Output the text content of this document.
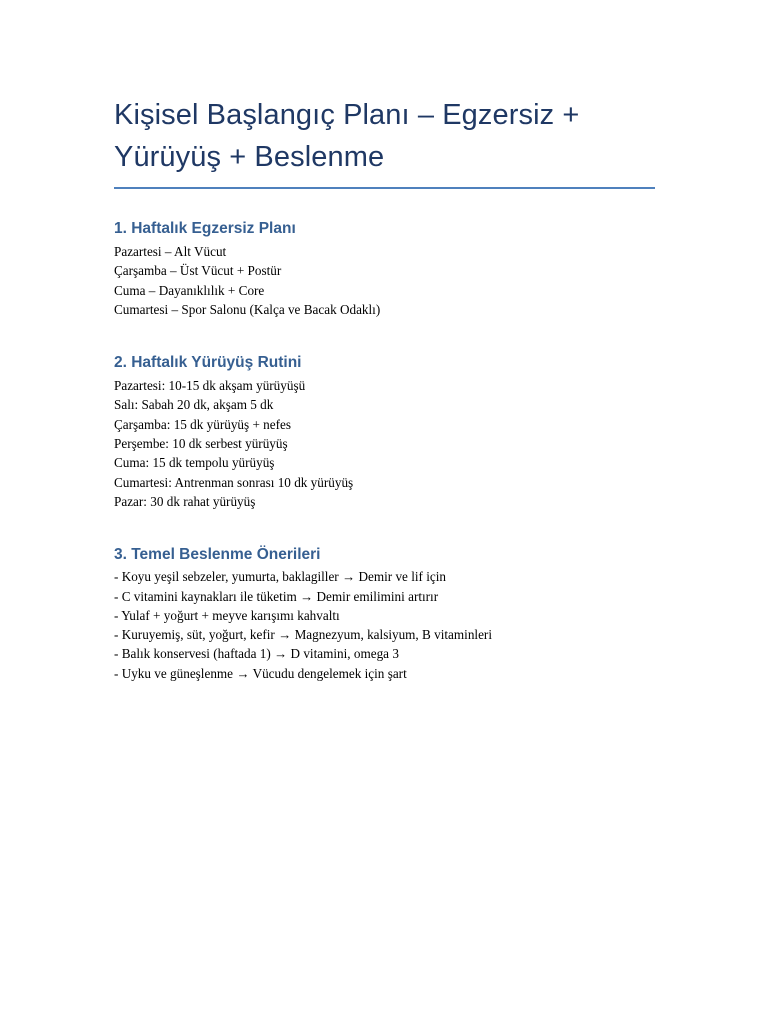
Kişisel Başlangıç Planı – Egzersiz + Yürüyüş + Beslenme
1. Haftalık Egzersiz Planı
Pazartesi – Alt Vücut
Çarşamba – Üst Vücut + Postür
Cuma – Dayanıklılık + Core
Cumartesi – Spor Salonu (Kalça ve Bacak Odaklı)
2. Haftalık Yürüyüş Rutini
Pazartesi: 10-15 dk akşam yürüyüşü
Salı: Sabah 20 dk, akşam 5 dk
Çarşamba: 15 dk yürüyüş + nefes
Perşembe: 10 dk serbest yürüyüş
Cuma: 15 dk tempolu yürüyüş
Cumartesi: Antrenman sonrası 10 dk yürüyüş
Pazar: 30 dk rahat yürüyüş
3. Temel Beslenme Önerileri
- Koyu yeşil sebzeler, yumurta, baklagiller → Demir ve lif için
- C vitamini kaynakları ile tüketim → Demir emilimini artırır
- Yulaf + yoğurt + meyve karışımı kahvaltı
- Kuruyemiş, süt, yoğurt, kefir → Magnezyum, kalsiyum, B vitaminleri
- Balık konservesi (haftada 1) → D vitamini, omega 3
- Uyku ve güneşlenme → Vücudu dengelemek için şart
